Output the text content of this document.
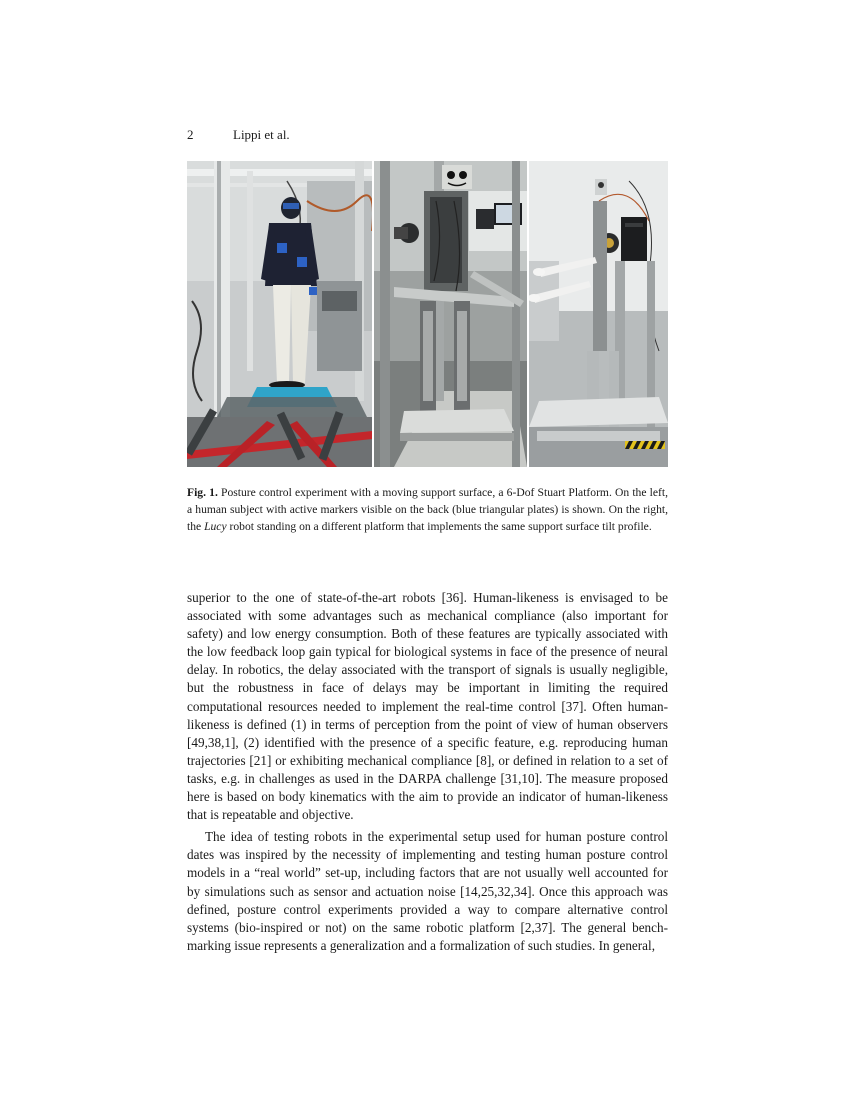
2	Lippi et al.
Fig. 1. Posture control experiment with a moving support surface, a 6-Dof Stuart Platform. On the left, a human subject with active markers visible on the back (blue triangular plates) is shown. On the right, the Lucy robot standing on a different platform that implements the same support surface tilt profile.

superior to the one of state-of-the-art robots [36]. Human-likeness is envisaged to be associated with some advantages such as mechanical compliance (also important for safety) and low energy consumption. Both of these features are typically associated with the low feedback loop gain typical for biological systems in face of the presence of neural delay. In robotics, the delay associated with the transport of signals is usually negligible, but the robustness in face of delays may be important in limiting the required computational resources needed to implement the real-time control [37]. Often human-likeness is defined (1) in terms of perception from the point of view of human observers [49,38,1], (2) identified with the presence of a specific feature, e.g. reproducing human trajectories [21] or exhibiting mechanical compliance [8], or defined in relation to a set of tasks, e.g. in challenges as used in the DARPA challenge [31,10]. The measure proposed here is based on body kinematics with the aim to provide an indicator of human-likeness that is repeatable and objective.

The idea of testing robots in the experimental setup used for human posture control dates was inspired by the necessity of implementing and testing human posture control models in a “real world” set-up, including factors that are not usually well accounted for by simulations such as sensor and actuation noise [14,25,32,34]. Once this approach was defined, posture control experiments provided a way to compare alternative control systems (bio-inspired or not) on the same robotic platform [2,37]. The general bench-marking issue represents a generalization and a formalization of such studies. In general,
